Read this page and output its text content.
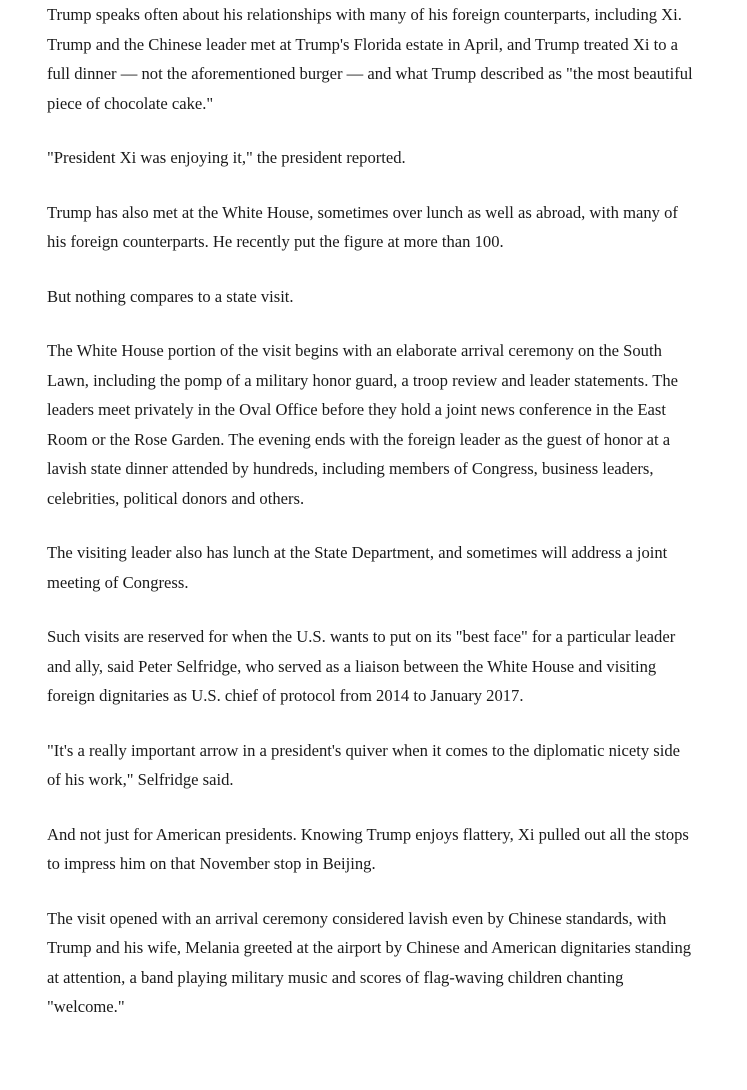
Trump speaks often about his relationships with many of his foreign counterparts, including Xi. Trump and the Chinese leader met at Trump's Florida estate in April, and Trump treated Xi to a full dinner — not the aforementioned burger — and what Trump described as "the most beautiful piece of chocolate cake."

"President Xi was enjoying it," the president reported.

Trump has also met at the White House, sometimes over lunch as well as abroad, with many of his foreign counterparts. He recently put the figure at more than 100.

But nothing compares to a state visit.

The White House portion of the visit begins with an elaborate arrival ceremony on the South Lawn, including the pomp of a military honor guard, a troop review and leader statements. The leaders meet privately in the Oval Office before they hold a joint news conference in the East Room or the Rose Garden. The evening ends with the foreign leader as the guest of honor at a lavish state dinner attended by hundreds, including members of Congress, business leaders, celebrities, political donors and others.

The visiting leader also has lunch at the State Department, and sometimes will address a joint meeting of Congress.

Such visits are reserved for when the U.S. wants to put on its "best face" for a particular leader and ally, said Peter Selfridge, who served as a liaison between the White House and visiting foreign dignitaries as U.S. chief of protocol from 2014 to January 2017.

"It's a really important arrow in a president's quiver when it comes to the diplomatic nicety side of his work," Selfridge said.

And not just for American presidents. Knowing Trump enjoys flattery, Xi pulled out all the stops to impress him on that November stop in Beijing.

The visit opened with an arrival ceremony considered lavish even by Chinese standards, with Trump and his wife, Melania greeted at the airport by Chinese and American dignitaries standing at attention, a band playing military music and scores of flag-waving children chanting "welcome."
